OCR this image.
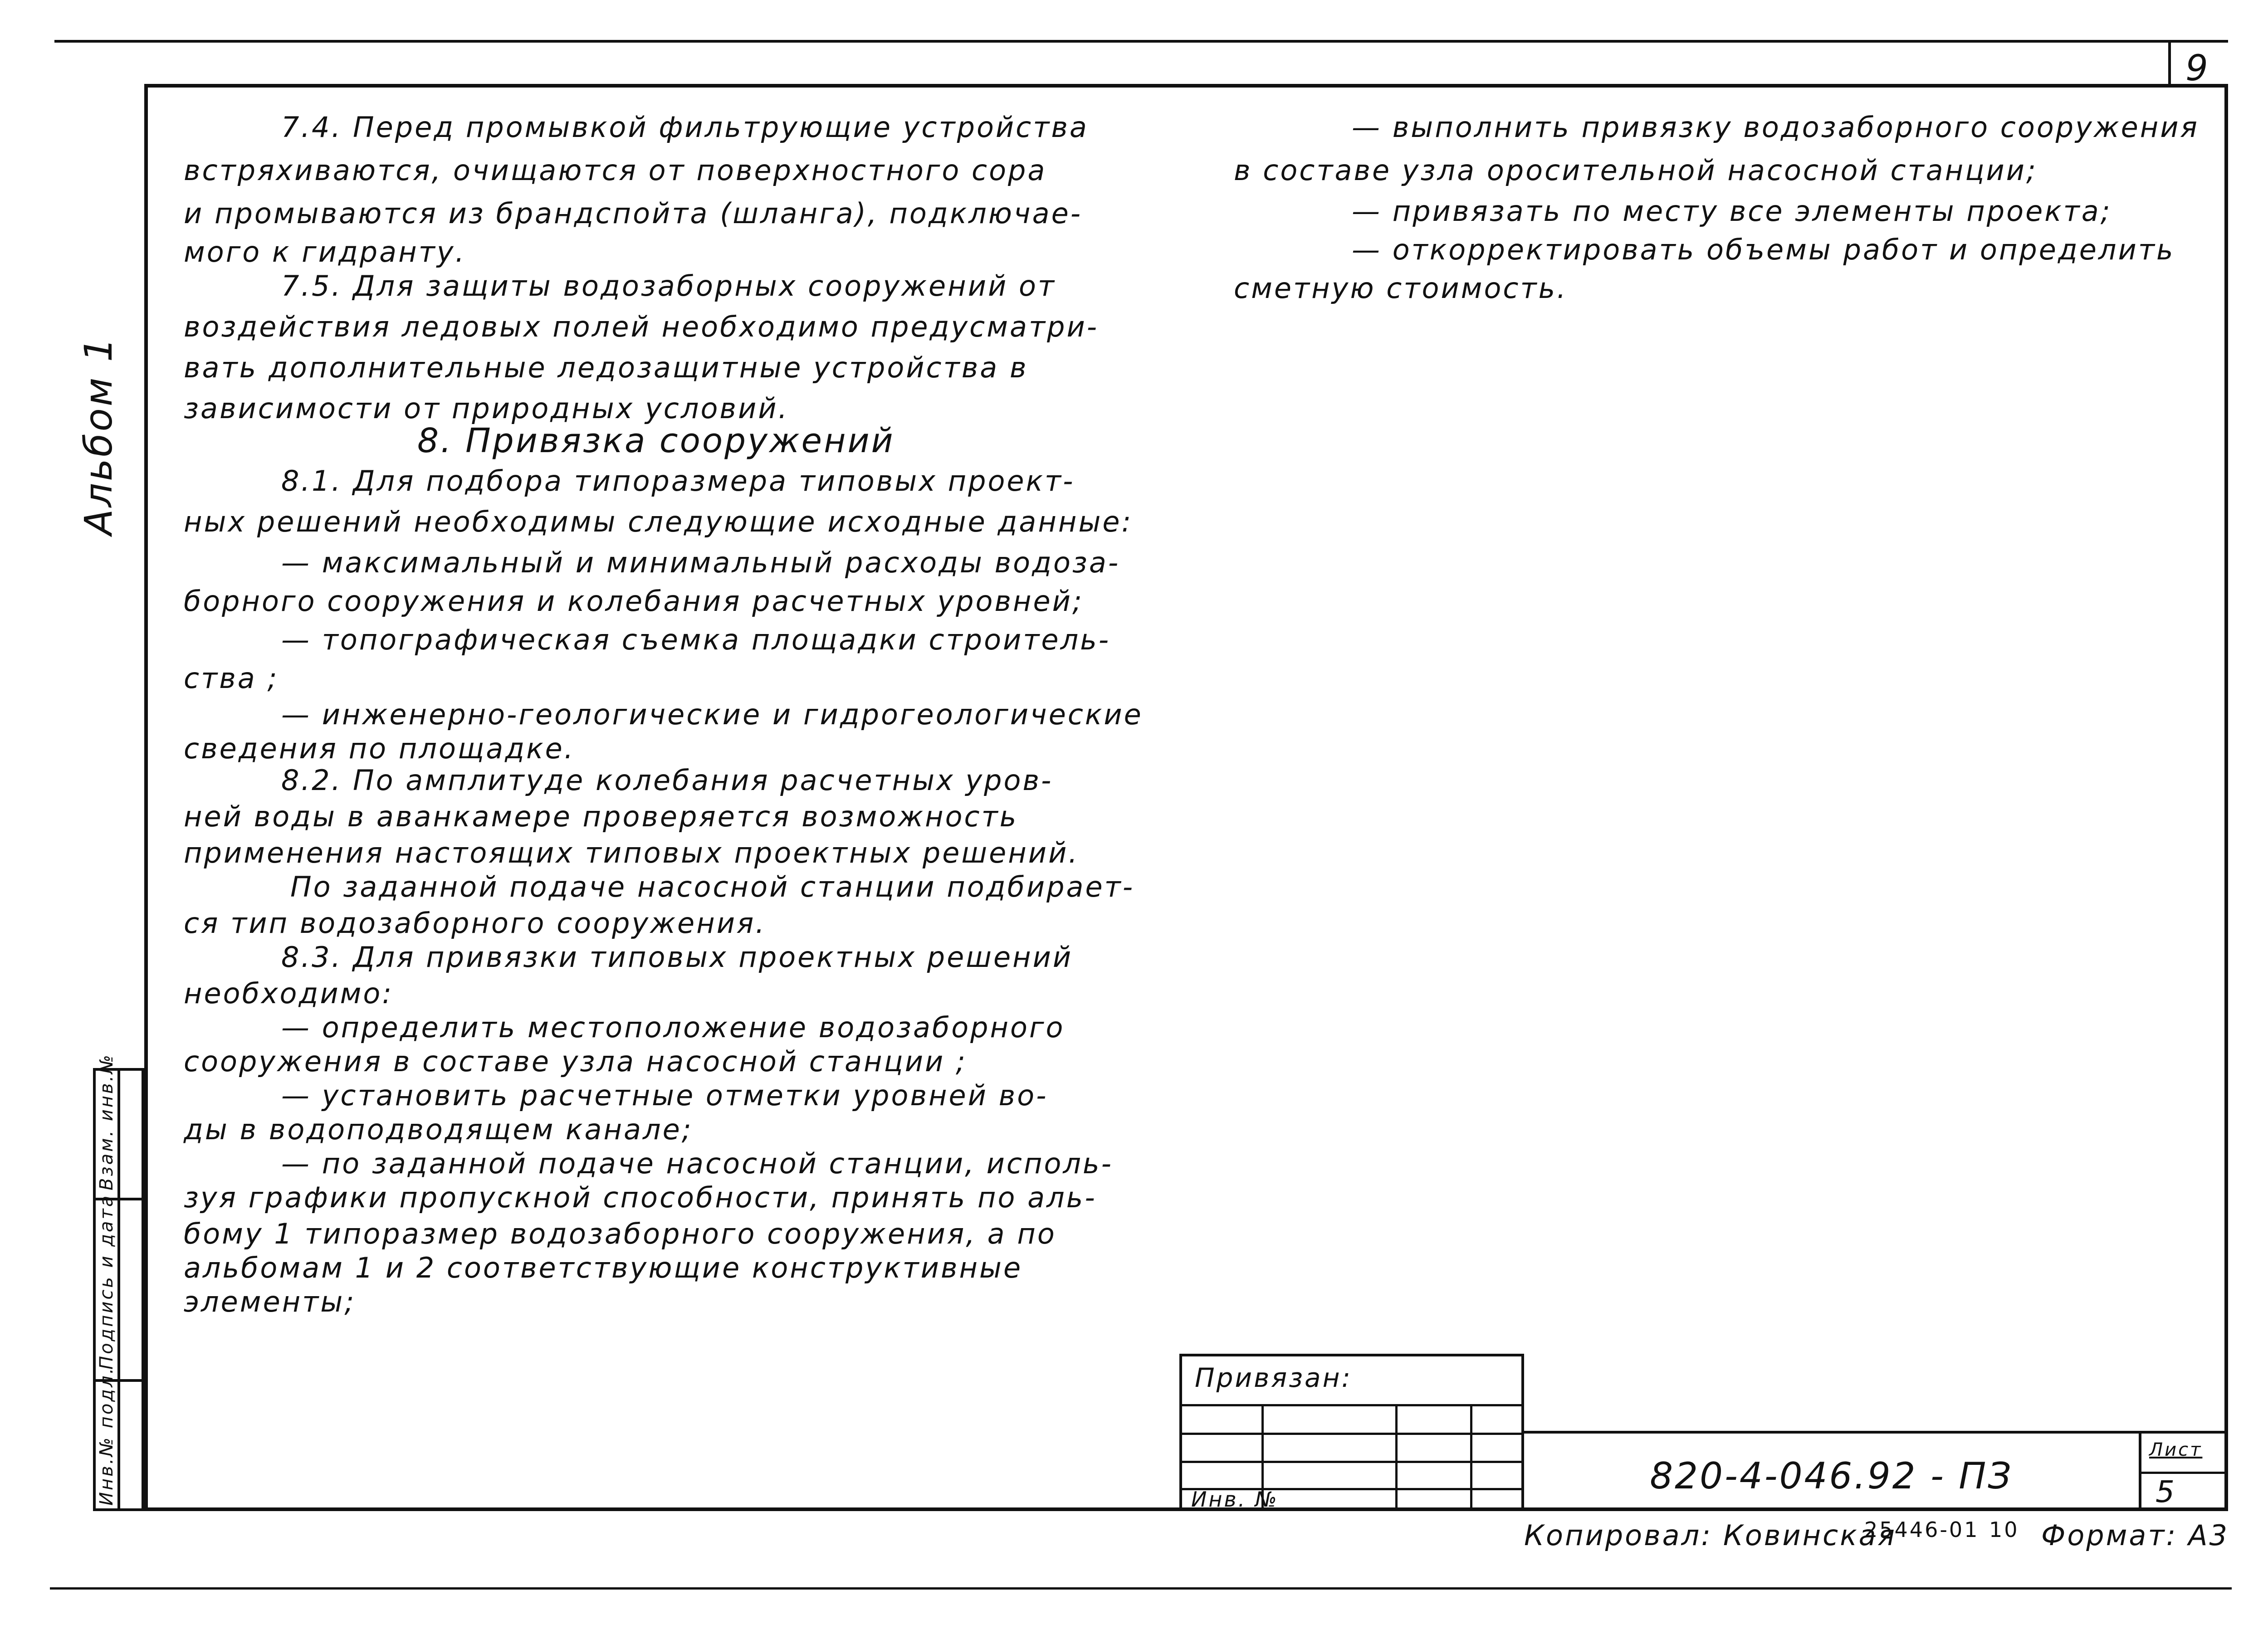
9
Альбом 1
Инв.№ подл.
Подпись и дата
Взам. инв.№
7.4. Перед промывкой фильтрующие устройства
встряхиваются, очищаются от поверхностного сора
и промываются из брандспойта (шланга), подключае-
мого к гидранту.
7.5. Для защиты водозаборных сооружений от
воздействия ледовых полей необходимо предусматри-
вать дополнительные ледозащитные устройства в
зависимости от природных условий.
8. Привязка сооружений
8.1. Для подбора типоразмера типовых проект-
ных решений необходимы следующие исходные данные:
— максимальный и минимальный расходы водоза-
борного сооружения и колебания расчетных уровней;
— топографическая съемка площадки строитель-
ства ;
— инженерно-геологические и гидрогеологические
сведения по площадке.
8.2. По амплитуде колебания расчетных уров-
ней воды в аванкамере проверяется возможность
применения настоящих типовых проектных решений.
По заданной подаче насосной станции подбирает-
ся тип водозаборного сооружения.
8.3. Для привязки типовых проектных решений
необходимо:
— определить местоположение водозаборного
сооружения в составе узла насосной станции ;
— установить расчетные отметки уровней во-
ды в водоподводящем канале;
— по заданной подаче насосной станции, исполь-
зуя графики пропускной способности, принять по аль-
бому 1 типоразмер водозаборного сооружения, а по
альбомам 1 и 2 соответствующие конструктивные
элементы;
— выполнить привязку водозаборного сооружения
в составе узла оросительной насосной станции;
— привязать по месту все элементы проекта;
— откорректировать объемы работ и определить
сметную стоимость.
Привязан:
Инв. №
820-4-046.92 - ПЗ
Лист
5
Копировал: Ковинская
25446-01 10 Формат: А3
